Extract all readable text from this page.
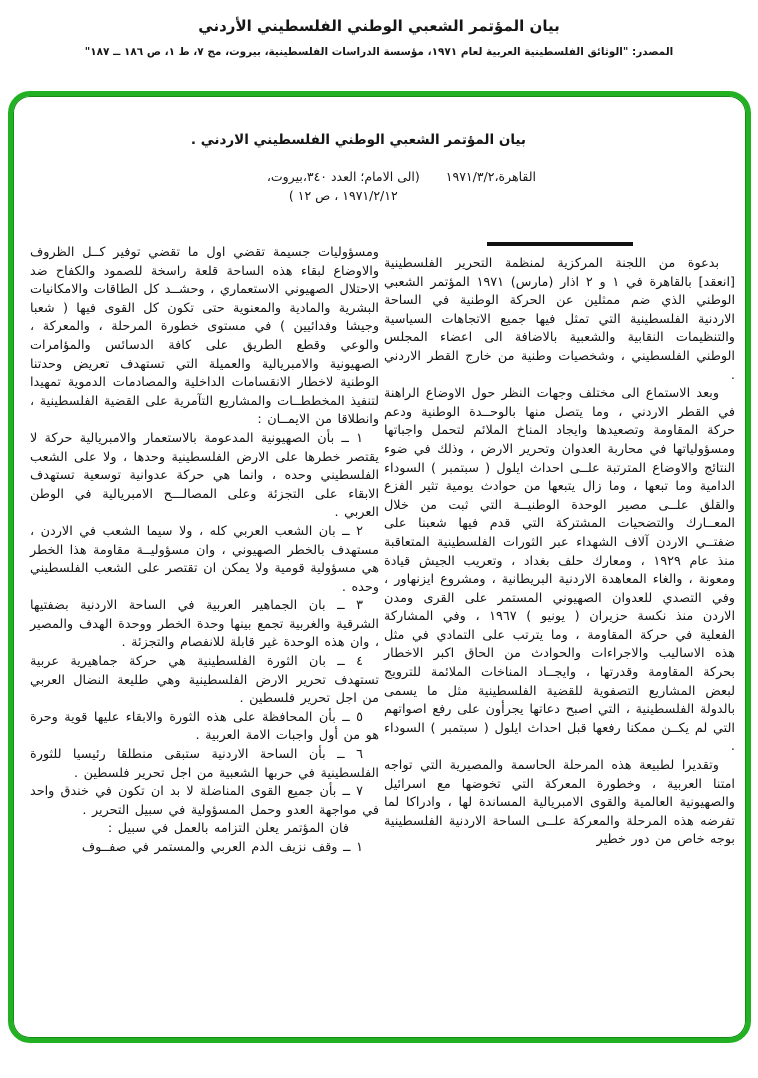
بيان المؤتمر الشعبي الوطني الفلسطيني الأردني
المصدر: "الوثائق الفلسطينية العربية لعام ١٩٧١، مؤسسة الدراسات الفلسطينية، بيروت، مج ٧، ط ١، ص ١٨٦ ــ ١٨٧"
بيان المؤتمر الشعبي الوطني الفلسطيني الاردني .
القاهرة،١٩٧١/٣/٢
(الى الامام؛ العدد ٣٤٠،بيروت،
١٩٧١/٢/١٢ ، ص ١٢ )

بدعوة من اللجنة المركزية لمنظمة التحرير الفلسطينية [انعقد] بالقاهرة في ١ و ٢ اذار (مارس) ١٩٧١ المؤتمر الشعبي الوطني الذي ضم ممثلين عن الحركة الوطنية في الساحة الاردنية الفلسطينية التي تمثل فيها جميع الاتجاهات السياسية والتنظيمات النقابية والشعبية بالاضافة الى اعضاء المجلس الوطني الفلسطيني ، وشخصيات وطنية من خارج القطر الاردني .

وبعد الاستماع الى مختلف وجهات النظر حول الاوضاع الراهنة في القطر الاردني ، وما يتصل منها بالوحــدة الوطنية ودعم حركة المقاومة وتصعيدها وايجاد المناخ الملائم لتحمل واجباتها ومسؤولياتها في محاربة العدوان وتحرير الارض ، وذلك في ضوء النتائج والاوضاع المترتبة علــى احداث ايلول ( سبتمبر ) السوداء الدامية وما تبعها ، وما زال يتبعها من حوادث يومية تثير الفزع والقلق علــى مصير الوحدة الوطنيــة التي ثبت من خلال المعــارك والتضحيات المشتركة التي قدم فيها شعبنا على ضفتــي الاردن آلاف الشهداء عبر الثورات الفلسطينية المتعاقبة منذ عام ١٩٢٩ ، ومعارك حلف بغداد ، وتعريب الجيش قيادة ومعونة ، والغاء المعاهدة الاردنية البريطانية ، ومشروع ايزنهاور ، وفي التصدي للعدوان الصهيوني المستمر على القرى ومدن الاردن منذ نكسة حزيران ( يونيو ) ١٩٦٧ ، وفي المشاركة الفعلية في حركة المقاومة ، وما يترتب على التمادي في مثل هذه الاساليب والاجراءات والحوادث من الحاق اكبر الاخطار بحركة المقاومة وقدرتها ، وايجــاد المناخات الملائمة للترويج لبعض المشاريع التصفوية للقضية الفلسطينية مثل ما يسمى بالدولة الفلسطينية ، التي اصبح دعاتها يجرأون على رفع اصواتهم التي لم يكــن ممكنا رفعها قبل احداث ايلول ( سبتمبر ) السوداء .

وتقديرا لطبيعة هذه المرحلة الحاسمة والمصيرية التي تواجه امتنا العربية ، وخطورة المعركة التي تخوضها مع اسرائيل والصهيونية العالمية والقوى الامبريالية المساندة لها ، وادراكا لما تفرضه هذه المرحلة والمعركة علــى الساحة الاردنية الفلسطينية بوجه خاص من دور خطير

ومسؤوليات جسيمة تقضي اول ما تقضي توفير كــل الظروف والاوضاع لبقاء هذه الساحة قلعة راسخة للصمود والكفاح ضد الاحتلال الصهيوني الاستعماري ، وحشــد كل الطاقات والامكانيات البشرية والمادية والمعنوية حتى تكون كل القوى فيها ( شعبا وجيشا وفدائيين ) في مستوى خطورة المرحلة ، والمعركة ، والوعي وقطع الطريق على كافة الدسائس والمؤامرات الصهيونية والامبريالية والعميلة التي تستهدف تعريض وحدتنا الوطنية لاخطار الانقسامات الداخلية والمصادمات الدموية تمهيدا لتنفيذ المخططــات والمشاريع التآمرية على القضية الفلسطينية ، وانطلاقا من الايمــان :

١ ــ بأن الصهيونية المدعومة بالاستعمار والامبريالية حركة لا يقتصر خطرها على الارض الفلسطينية وحدها ، ولا على الشعب الفلسطيني وحده ، وانما هي حركة عدوانية توسعية تستهدف الابقاء على التجزئة وعلى المصالـــح الامبريالية في الوطن العربي .

٢ ــ بان الشعب العربي كله ، ولا سيما الشعب في الاردن ، مستهدف بالخطر الصهيوني ، وان مسؤوليــة مقاومة هذا الخطر هي مسؤولية قومية ولا يمكن ان تقتصر على الشعب الفلسطيني وحده .

٣ ــ بان الجماهير العربية في الساحة الاردنية بضفتيها الشرقية والغربية تجمع بينها وحدة الخطر ووحدة الهدف والمصير ، وان هذه الوحدة غير قابلة للانفصام والتجزئة .

٤ ــ بان الثورة الفلسطينية هي حركة جماهيرية عربية تستهدف تحرير الارض الفلسطينية وهي طليعة النضال العربي من اجل تحرير فلسطين .

٥ ــ بأن المحافظة على هذه الثورة والابقاء عليها قوية وحرة هو من أول واجبات الامة العربية .

٦ ــ بأن الساحة الاردنية ستبقى منطلقا رئيسيا للثورة الفلسطينية في حربها الشعبية من اجل تحرير فلسطين .

٧ ــ بأن جميع القوى المناضلة لا بد ان تكون في خندق واحد في مواجهة العدو وحمل المسؤولية في سبيل التحرير .

فان المؤتمر يعلن التزامه بالعمل في سبيل :

١ ــ وقف نزيف الدم العربي والمستمر في صفــوف
